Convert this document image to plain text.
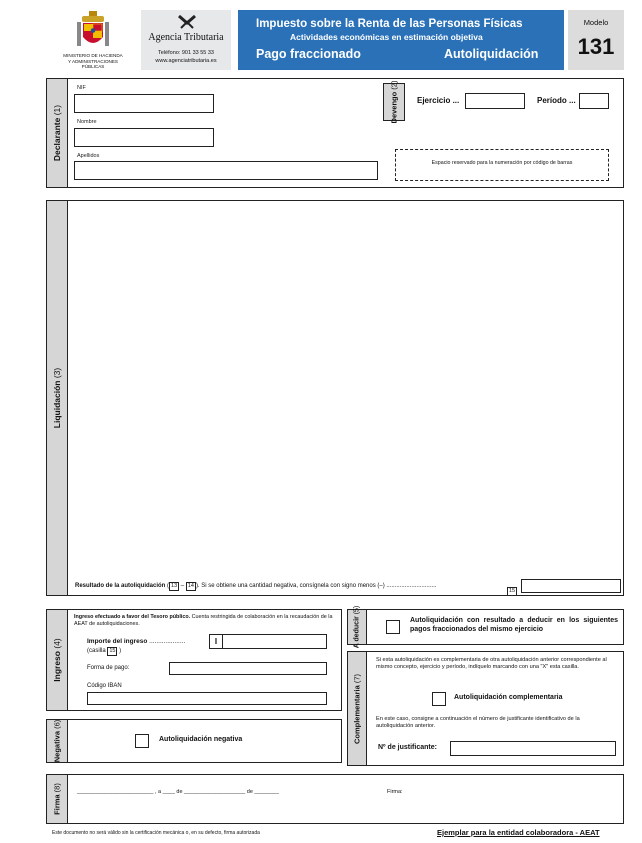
MINISTERIO DE HACIENDA
Y ADMINISTRACIONES
PÚBLICAS
Agencia Tributaria
Teléfono: 901 33 55 33
www.agenciatributaria.es
Impuesto sobre la Renta de las Personas Físicas
Actividades económicas en estimación objetiva
Pago fraccionado	Autoliquidación
Modelo
131
Declarante (1)
NIF
Nombre
Apellidos
Devengo (2)
Ejercicio ...	Período ...
Espacio reservado para la numeración por código de barras
Liquidación (3)
Resultado de la autoliquidación ( 13 – 14 ). Si se obtiene una cantidad negativa, consígnela con signo menos (–) ..............................
15
Ingreso (4)
Ingreso efectuado a favor del Tesoro público. Cuenta restringida de colaboración en la recaudación de la AEAT de autoliquidaciones.
Importe del ingreso ....................
(casilla 15 )
I
Forma de pago:
Código IBAN
A deducir (5)
Autoliquidación con resultado a deducir en los siguientes pagos fraccionados del mismo ejercicio
Complementaria (7)
Si esta autoliquidación es complementaria de otra autoliquidación anterior correspondiente al mismo concepto, ejercicio y período, indíquelo marcando con una "X" esta casilla.
Autoliquidación complementaria
En este caso, consigne a continuación el número de justificante identificativo de la autoliquidación anterior.
Nº de justificante:
Negativa (6)
Autoliquidación negativa
Firma (8)	_________________________ , a ____ de ____________________ de ________	Firma:
Este documento no será válido sin la certificación mecánica o, en su defecto, firma autorizada	Ejemplar para la entidad colaboradora - AEAT
